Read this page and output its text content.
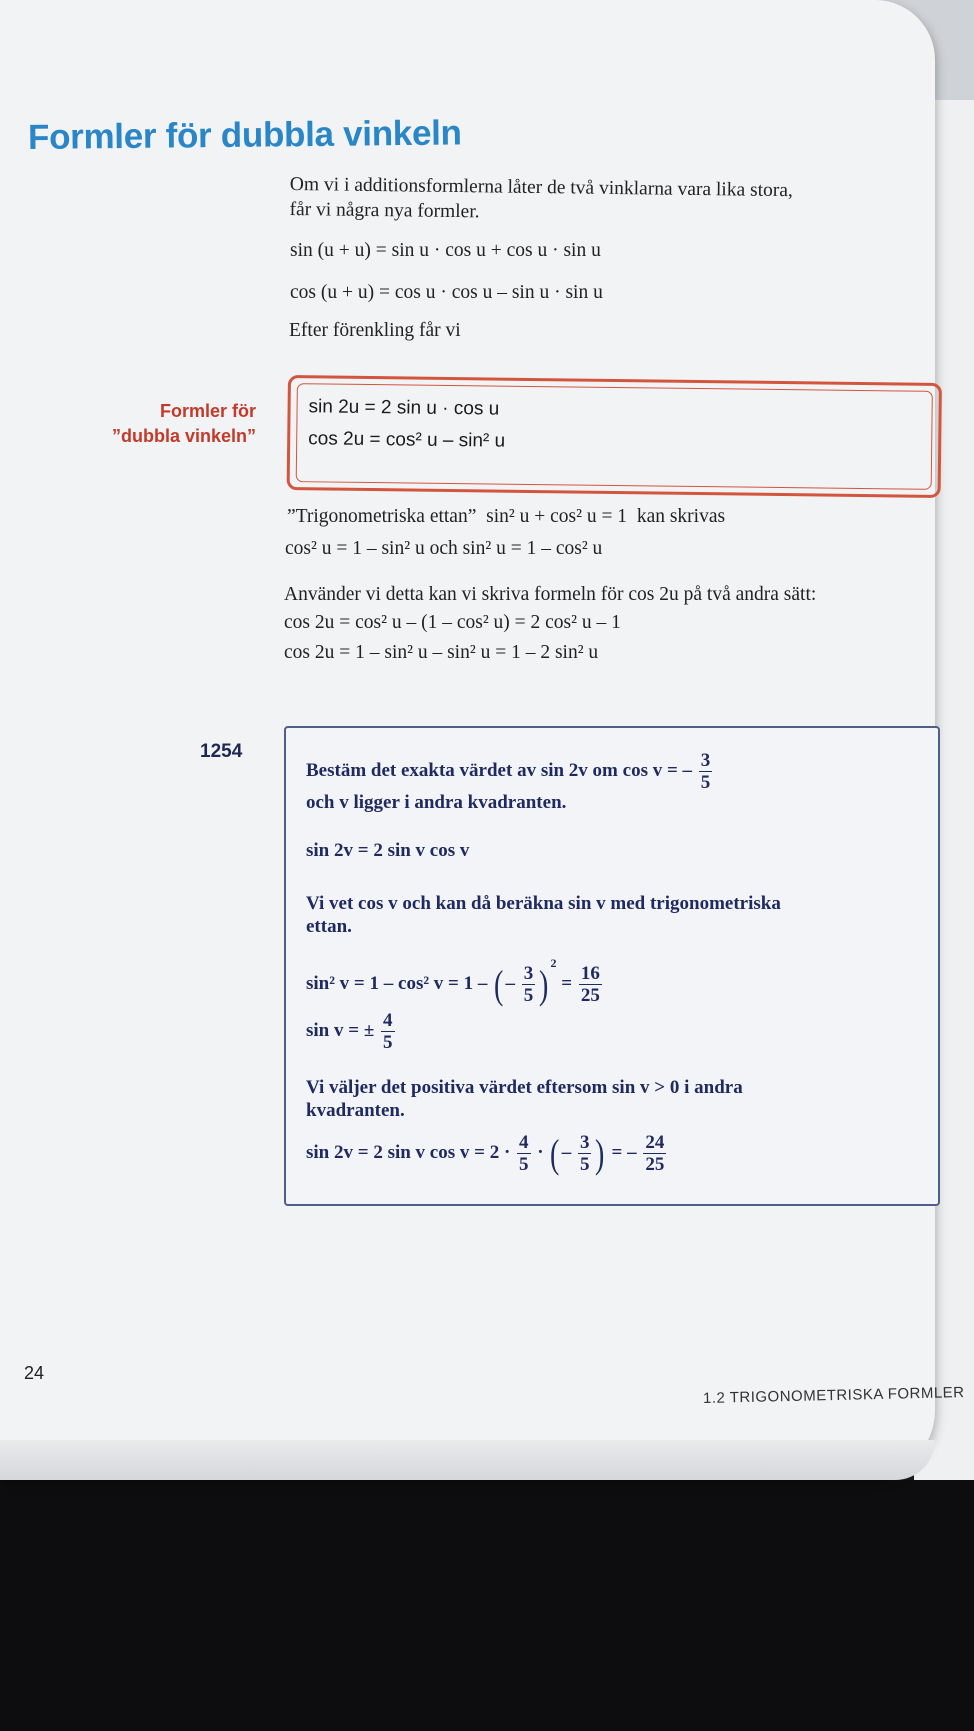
Formler för dubbla vinkeln
Om vi i additionsformlerna låter de två vinklarna vara lika stora,
får vi några nya formler.
sin (u + u) = sin u · cos u + cos u · sin u
cos (u + u) = cos u · cos u – sin u · sin u
Efter förenkling får vi
Formler för
”dubbla vinkeln”
sin 2u = 2 sin u · cos u
cos 2u = cos² u – sin² u
”Trigonometriska ettan” sin² u + cos² u = 1 kan skrivas
cos² u = 1 – sin² u och sin² u = 1 – cos² u
Använder vi detta kan vi skriva formeln för cos 2u på två andra sätt:
cos 2u = cos² u – (1 – cos² u) = 2 cos² u – 1
cos 2u = 1 – sin² u – sin² u = 1 – 2 sin² u
1254
Bestäm det exakta värdet av sin 2v om cos v = – $\frac{3}{5}$
och v ligger i andra kvadranten.
sin 2v = 2 sin v cos v
Vi vet cos v och kan då beräkna sin v med trigonometriska
ettan.
sin² v = 1 – cos² v = 1 – ( – $\frac{3}{5}$ ) $^2 = \frac{16}{25}$
sin v = ± $\frac{4}{5}$
Vi väljer det positiva värdet eftersom sin v > 0 i andra
kvadranten.
sin 2v = 2 sin v $\cos v = 2 \cdot \frac{4}{5}$ · ( – $\frac{3}{5}$ ) = – $\frac{24}{25}$
24
1.2 TRIGONOMETRISKA FORMLER
